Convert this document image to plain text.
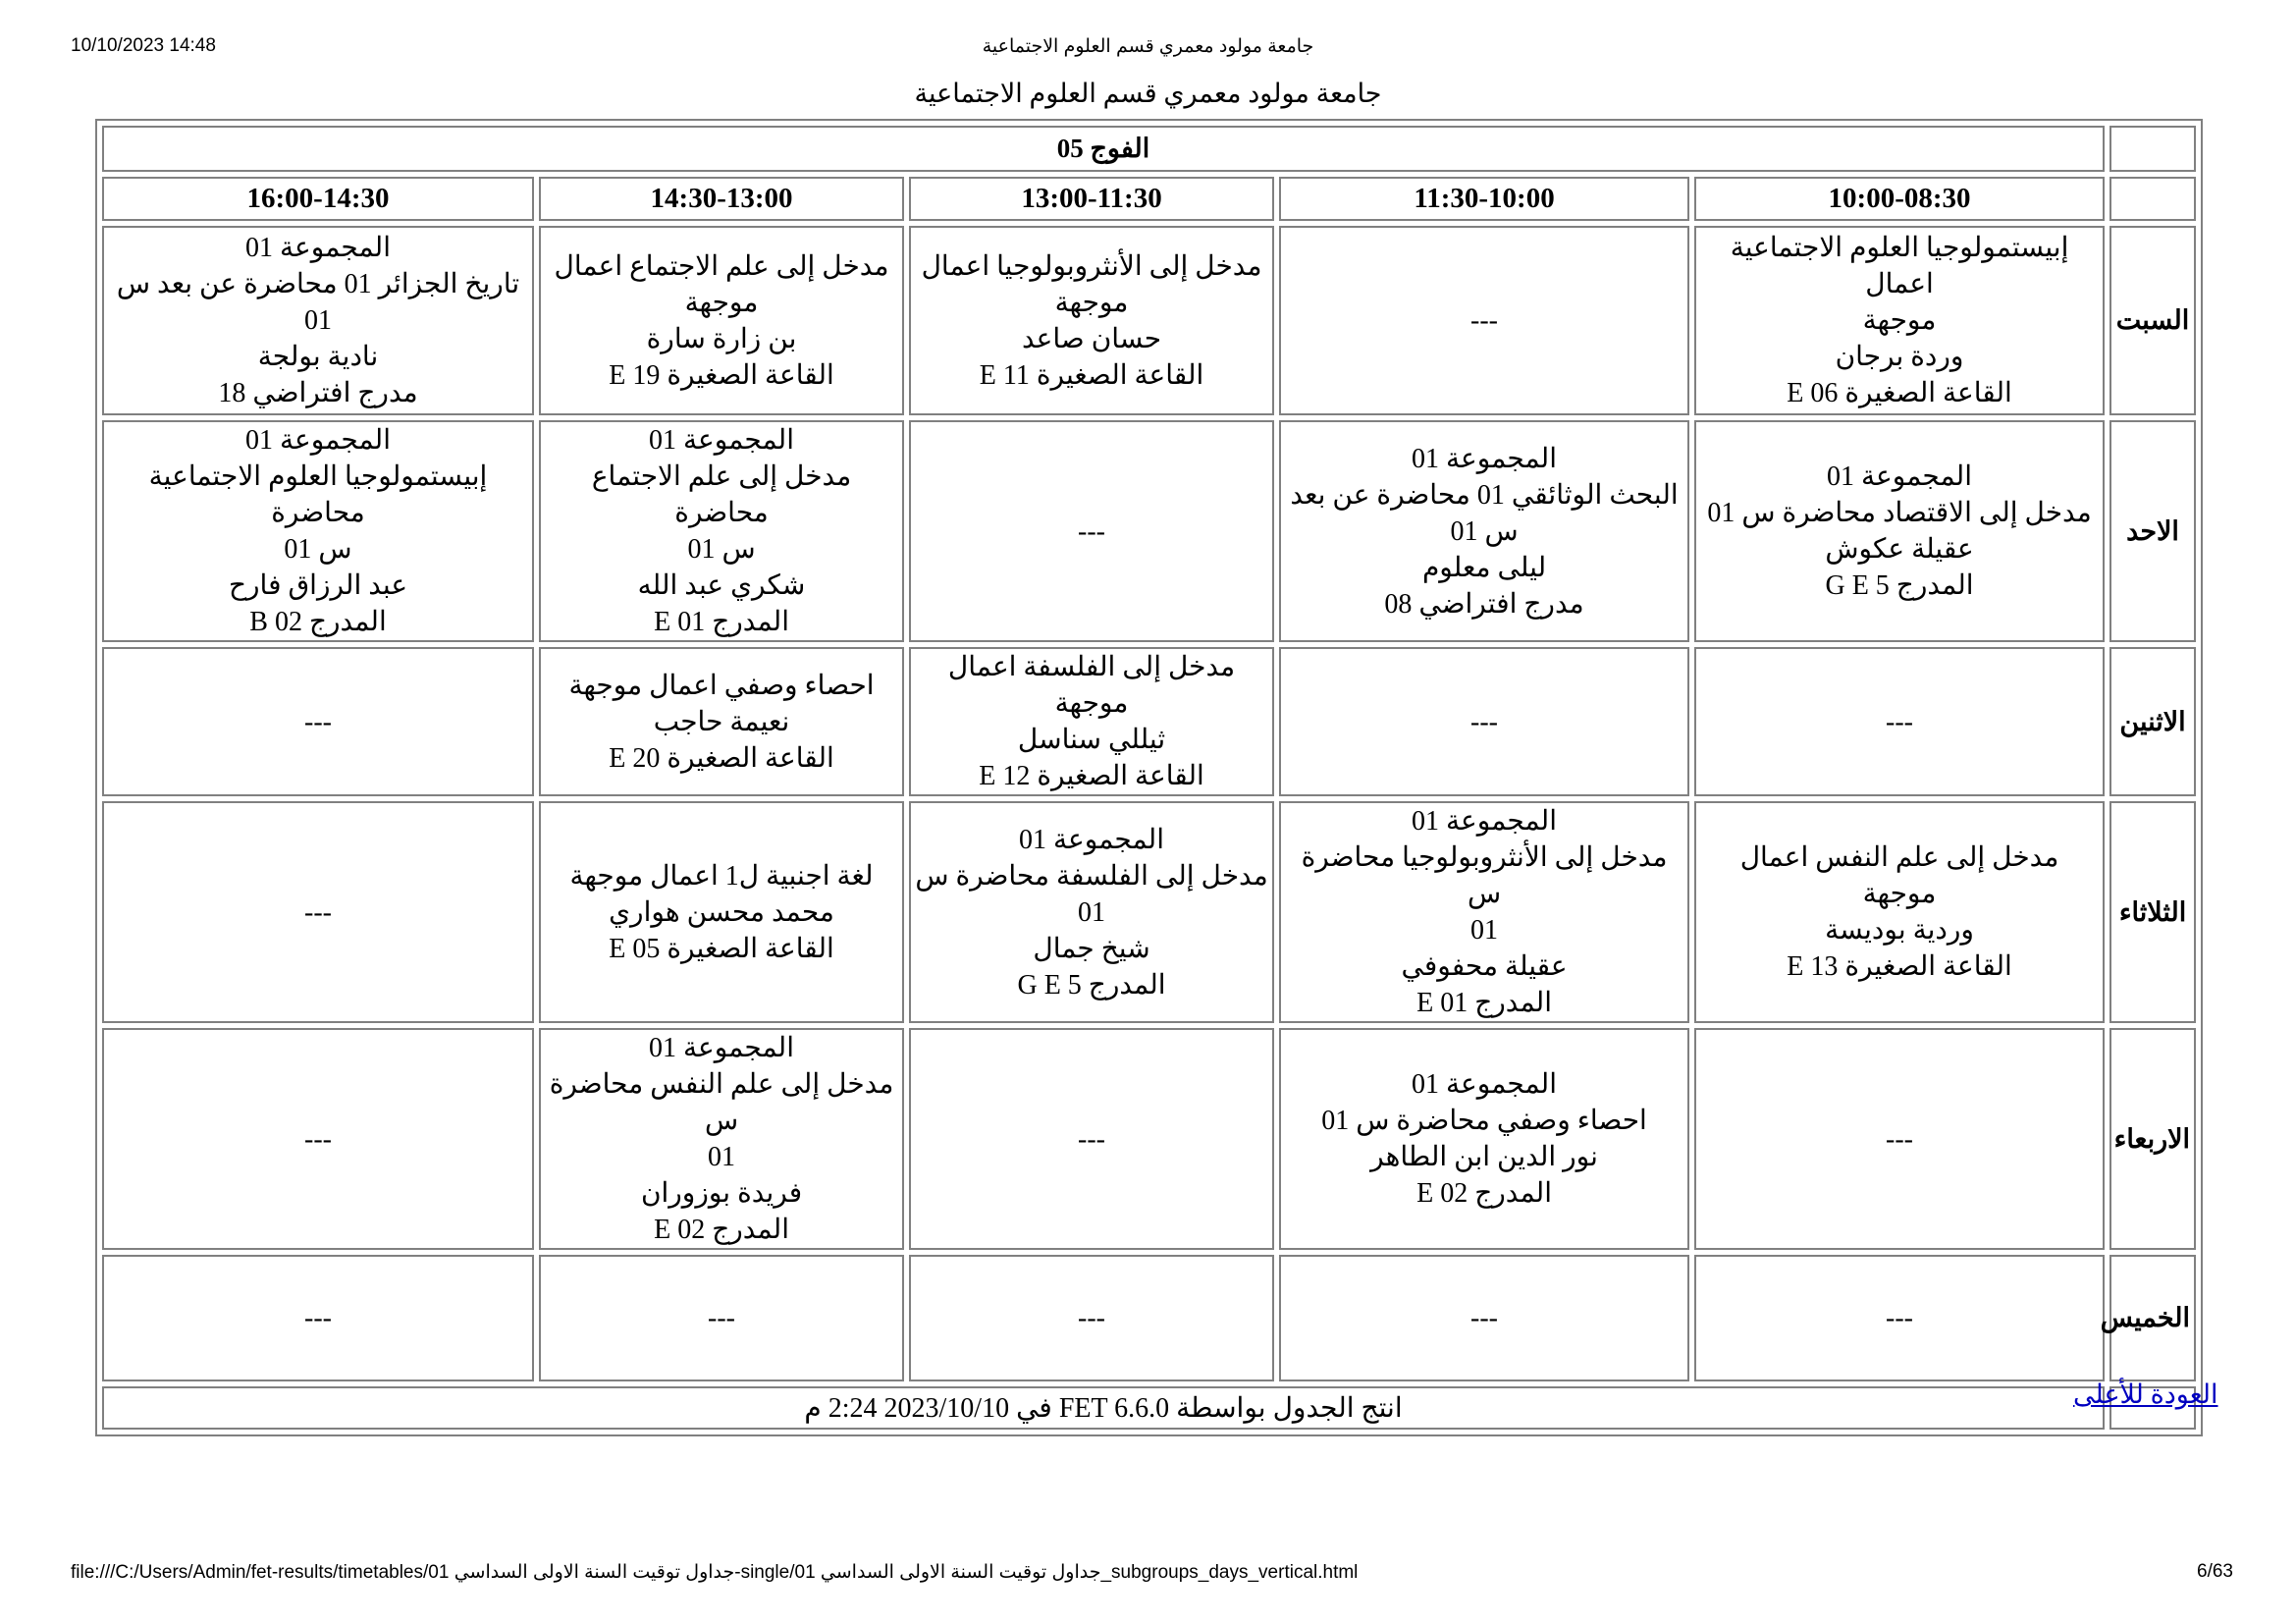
10/10/2023 14:48	جامعة مولود معمري قسم العلوم الاجتماعية
جامعة مولود معمري قسم العلوم الاجتماعية
	الفوج 05				
	10:00-08:30	11:30-10:00	13:00-11:30	14:30-13:00	16:00-14:30
السبت	إبيستمولوجيا العلوم الاجتماعية اعمال
موجهة
وردة برجان
القاعة الصغيرة 06 E	---	مدخل إلى الأنثروبولوجيا اعمال
موجهة
حسان صاعد
القاعة الصغيرة 11 E	مدخل إلى علم الاجتماع اعمال
موجهة
بن زارة سارة
القاعة الصغيرة 19 E	المجموعة 01
تاريخ الجزائر 01 محاضرة عن بعد س
01
نادية بولجة
مدرج افتراضي 18

الاحد	المجموعة 01
مدخل إلى الاقتصاد محاضرة س 01
عقيلة عكوش
المدرج G E 5	المجموعة 01
البحث الوثائقي 01 محاضرة عن بعد
س 01
ليلى معلوم
مدرج افتراضي 08	---	المجموعة 01
مدخل إلى علم الاجتماع محاضرة
س 01
شكري عبد الله
المدرج 01 E	المجموعة 01
إبيستمولوجيا العلوم الاجتماعية محاضرة
س 01
عبد الرزاق فارح
المدرج 02 B

الاثنين	---	---	مدخل إلى الفلسفة اعمال موجهة
ثيللي سناسل
القاعة الصغيرة 12 E	احصاء وصفي اعمال موجهة
نعيمة حاجب
القاعة الصغيرة 20 E	---

الثلاثاء	مدخل إلى علم النفس اعمال موجهة
وردية بوديسة
القاعة الصغيرة 13 E	المجموعة 01
مدخل إلى الأنثروبولوجيا محاضرة س
01
عقيلة محفوفي
المدرج 01 E	المجموعة 01
مدخل إلى الفلسفة محاضرة س 01
شيخ جمال
المدرج G E 5	لغة اجنبية ل1 اعمال موجهة
محمد محسن هواري
القاعة الصغيرة 05 E	---

الاربعاء	---	المجموعة 01
احصاء وصفي محاضرة س 01
نور الدين ابن الطاهر
المدرج 02 E	---	المجموعة 01
مدخل إلى علم النفس محاضرة س
01
فريدة بوزوران
المدرج 02 E	---

الخميس	---	---	---	---	---

	انتج الجدول بواسطة FET 6.6.0 في 2023/10/10 2:24 م					العودة للأعلى
file:///C:/Users/Admin/fet-results/timetables/01 جداول توقيت السنة الاولى السداسي-single/01 جداول توقيت السنة الاولى السداسي_subgroups_days_vertical.html	6/63
